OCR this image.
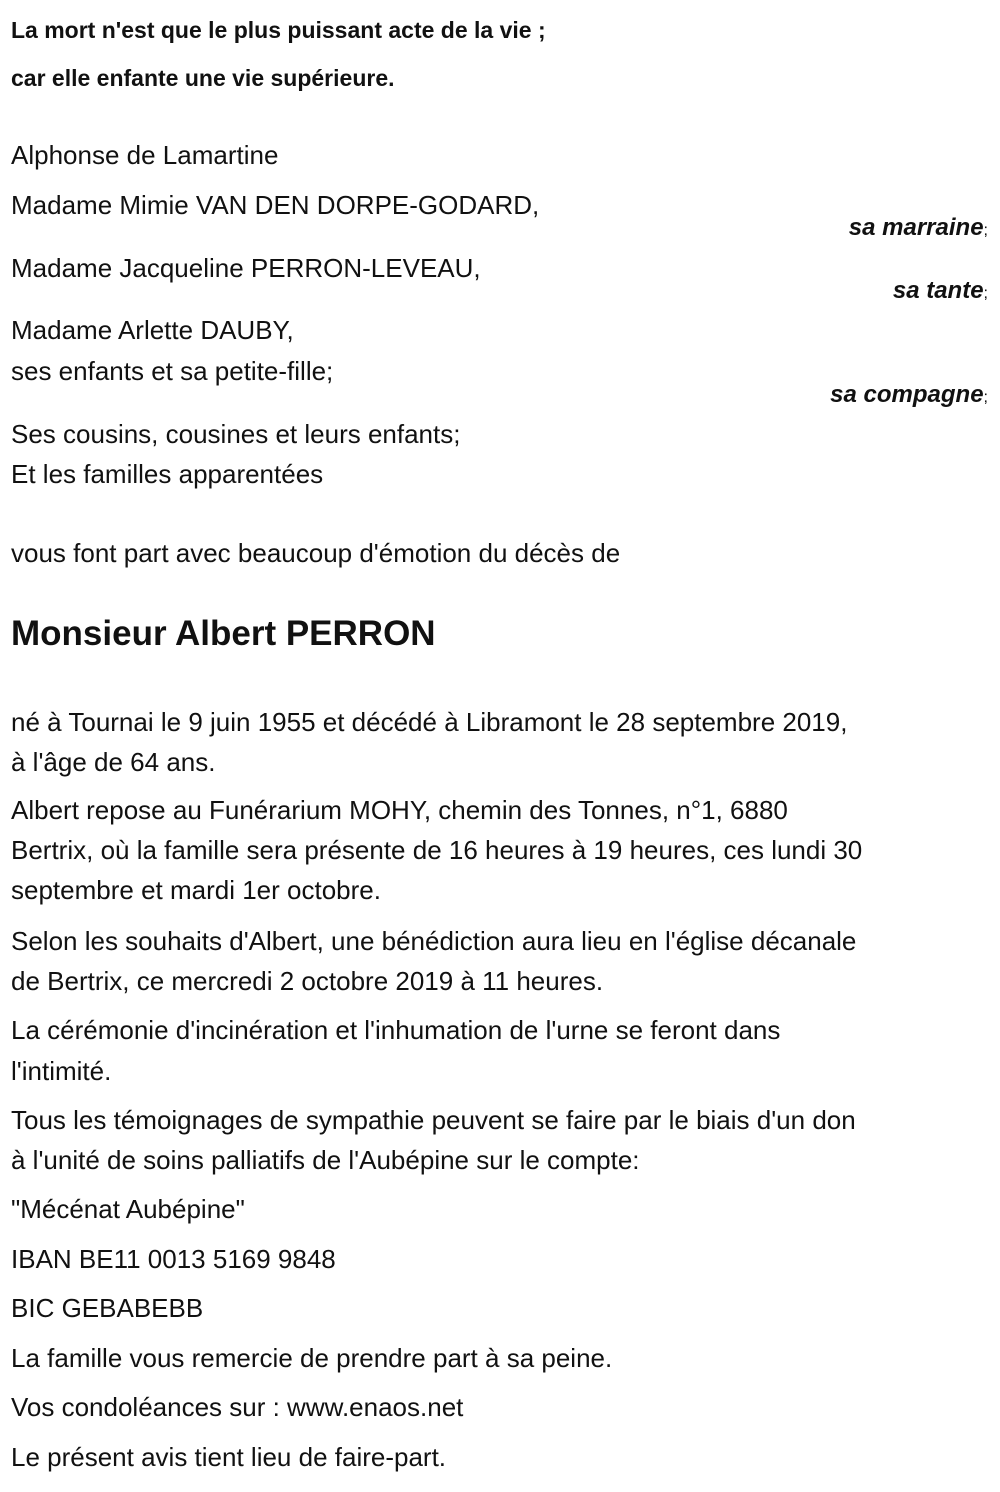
La mort n'est que le plus puissant acte de la vie ;
car elle enfante une vie supérieure.
Alphonse de Lamartine
Madame Mimie VAN DEN DORPE-GODARD,
sa marraine;
Madame Jacqueline PERRON-LEVEAU,
sa tante;
Madame Arlette DAUBY,
ses enfants et sa petite-fille;
sa compagne;
Ses cousins, cousines et leurs enfants;
Et les familles apparentées
vous font part avec beaucoup d'émotion du décès de
Monsieur Albert PERRON
né à Tournai le 9 juin 1955 et décédé à Libramont le 28 septembre 2019,
à l'âge de 64 ans.
Albert repose au Funérarium MOHY, chemin des Tonnes, n°1, 6880
Bertrix, où la famille sera présente de 16 heures à 19 heures, ces lundi 30
septembre et mardi 1er octobre.
Selon les souhaits d'Albert, une bénédiction aura lieu en l'église décanale
de Bertrix, ce mercredi 2 octobre 2019 à 11 heures.
La cérémonie d'incinération et l'inhumation de l'urne se feront dans
l'intimité.
Tous les témoignages de sympathie peuvent se faire par le biais d'un don
à l'unité de soins palliatifs de l'Aubépine sur le compte:
"Mécénat Aubépine"
IBAN BE11 0013 5169 9848
BIC GEBABEBB
La famille vous remercie de prendre part à sa peine.
Vos condoléances sur : www.enaos.net
Le présent avis tient lieu de faire-part.
